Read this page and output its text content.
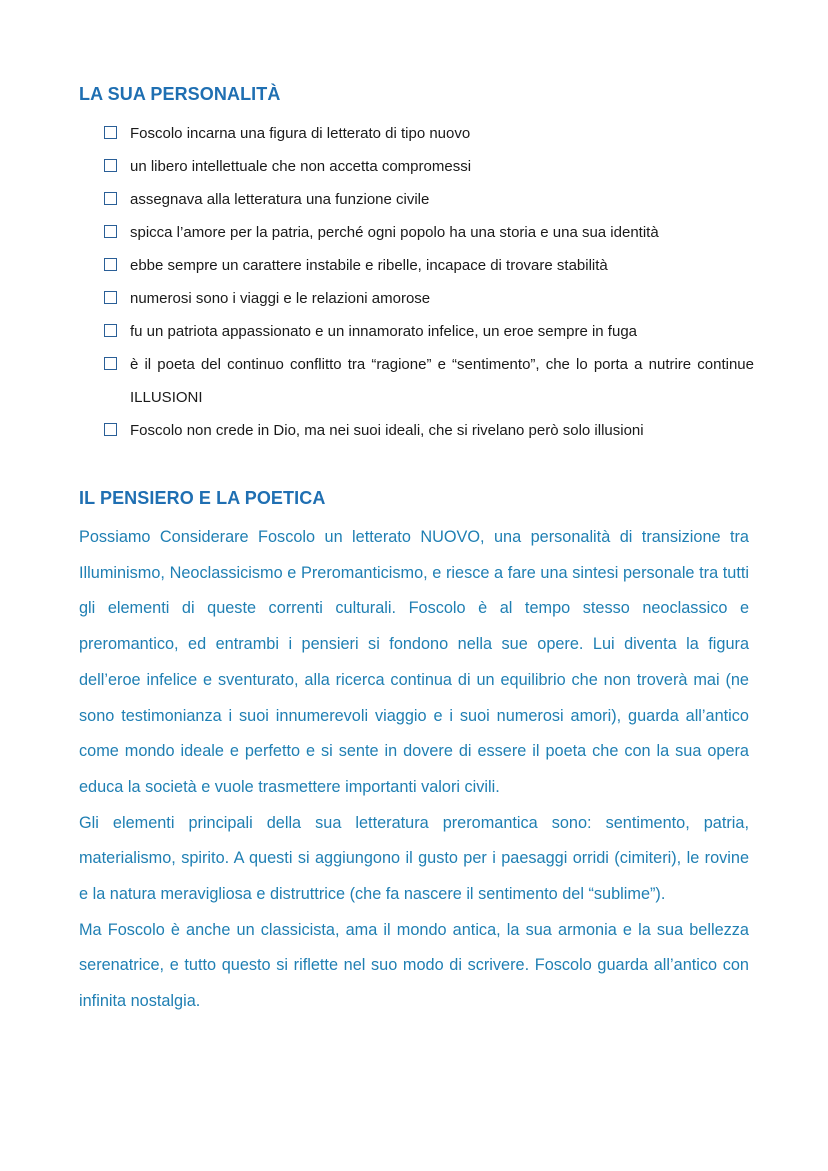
LA SUA PERSONALITÀ
Foscolo incarna una figura di letterato di tipo nuovo
un libero intellettuale che non accetta compromessi
assegnava alla letteratura una funzione civile
spicca l’amore per la patria, perché ogni popolo ha una storia e una sua identità
ebbe sempre un carattere instabile e ribelle, incapace di trovare stabilità
numerosi sono i viaggi e le relazioni amorose
fu un patriota appassionato e un innamorato infelice, un eroe sempre in fuga
è il poeta del continuo conflitto tra “ragione” e “sentimento”, che lo porta a nutrire continue ILLUSIONI
Foscolo non crede in Dio, ma nei suoi ideali, che si rivelano però solo illusioni
IL PENSIERO E LA POETICA

Possiamo Considerare Foscolo un letterato NUOVO, una personalità di transizione tra Illuminismo, Neoclassicismo e Preromanticismo, e riesce a fare una sintesi personale tra tutti gli elementi di queste correnti culturali. Foscolo è al tempo stesso neoclassico e preromantico, ed entrambi i pensieri si fondono nella sue opere. Lui diventa la figura dell’eroe infelice e sventurato, alla ricerca continua di un equilibrio che non troverà mai (ne sono testimonianza i suoi innumerevoli viaggio e i suoi numerosi amori), guarda all’antico come mondo ideale e perfetto e si sente in dovere di essere il poeta che con la sua opera educa la società e vuole trasmettere importanti valori civili.

Gli elementi principali della sua letteratura preromantica sono: sentimento, patria, materialismo, spirito. A questi si aggiungono il gusto per i paesaggi orridi (cimiteri), le rovine e la natura meravigliosa e distruttrice (che fa nascere il sentimento del “sublime”).

Ma Foscolo è anche un classicista, ama il mondo antica, la sua armonia e la sua bellezza serenatrice, e tutto questo si riflette nel suo modo di scrivere. Foscolo guarda all’antico con infinita nostalgia.
